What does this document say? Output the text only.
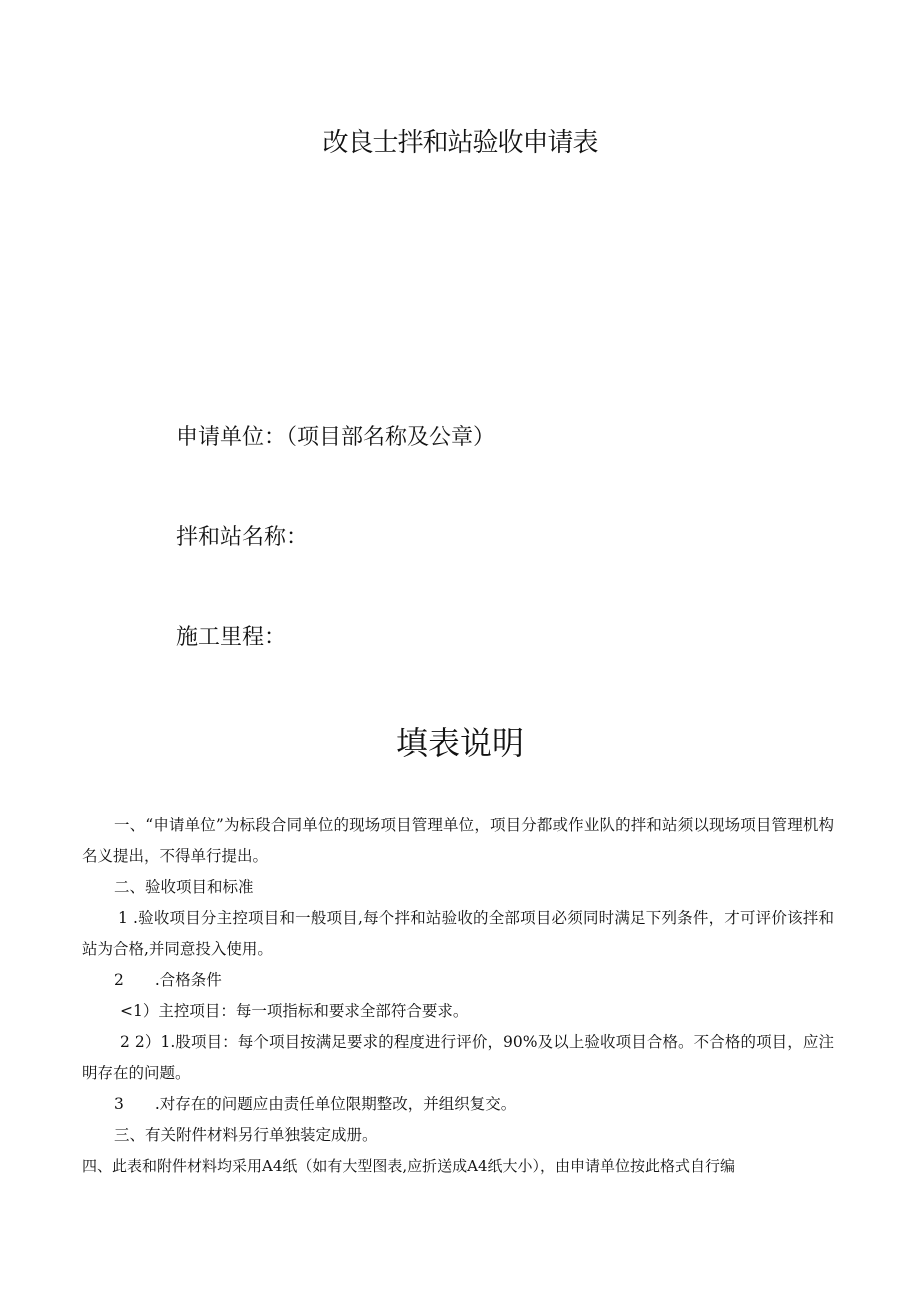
改良士拌和站验收申请表

申请单位：（项目部名称及公章）

拌和站名称：

施工里程：

填表说明

一、“申请单位”为标段合同单位的现场项目管理单位，项目分都或作业队的拌和站须以现场项目管理机构名义提出，不得单行提出。

二、验收项目和标准

1 .验收项目分主控项目和一般项目,每个拌和站验收的全部项目必须同时满足下列条件，才可评价该拌和站为合格,并同意投入使用。

2　　.合格条件

<1）主控项目：每一项指标和要求全部符合要求。

2 2）1.股项目：每个项目按满足要求的程度进行评价，90%及以上验收项目合格。不合格的项目，应注明存在的问题。

3　　.对存在的问题应由责任单位限期整改，并组织复交。

三、有关附件材料另行单独装定成册。

四、此表和附件材料均采用A4纸（如有大型图表,应折送成A4纸大小），由申请单位按此格式自行编
